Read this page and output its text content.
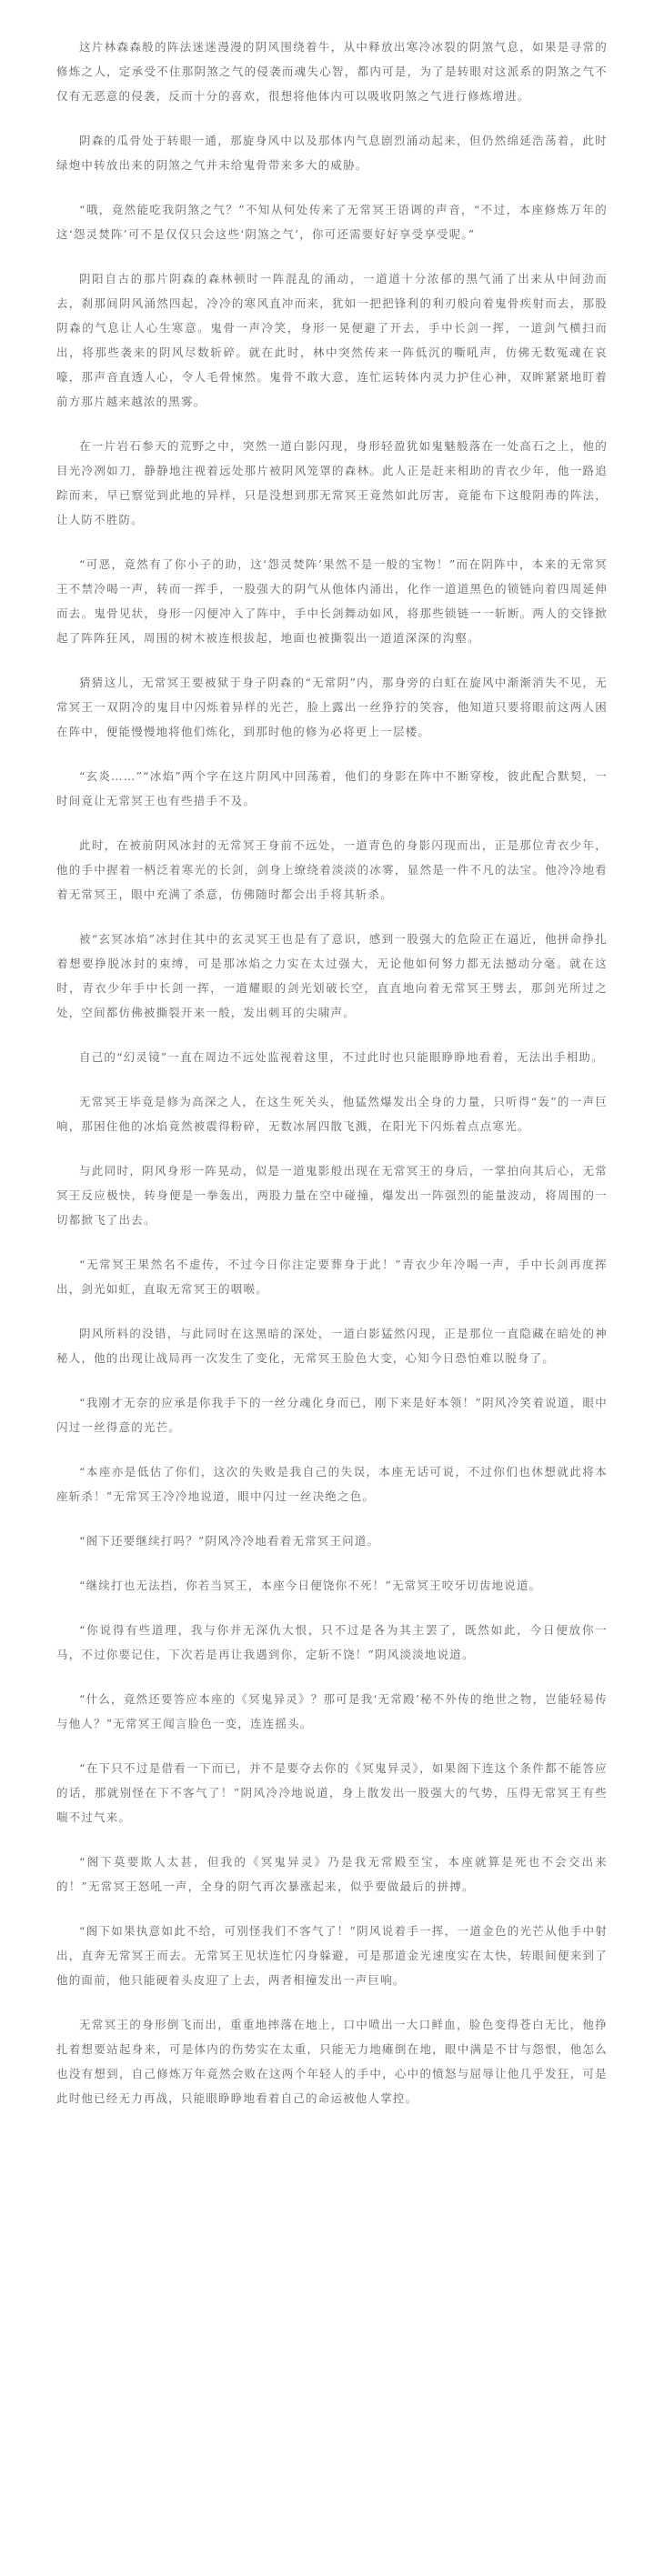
这片林森森般的阵法迷迷漫漫的阴风围绕着牛，从中释放出寒冷冰裂的阴煞气息，如果是寻常的修炼之人，定承受不住那阴煞之气的侵袭而魂失心智，都内可是，为了是转眼对这派系的阴煞之气不仅有无恶意的侵袭，反而十分的喜欢，很想将他体内可以吸收阴煞之气进行修炼增进。

阴森的瓜骨处于转眼一通，那旋身风中以及那体内气息剧烈涌动起来，但仍然绵延浩荡着，此时绿炮中转放出来的阴煞之气并未给鬼骨带来多大的威胁。

“哦，竟然能吃我阴煞之气？”不知从何处传来了无常冥王语调的声音，“不过，本座修炼万年的这‘怨灵焚阵’可不是仅仅只会这些‘阴煞之气’，你可还需要好好享受享受呢。”

阴阳自古的那片阴森的森林顿时一阵混乱的涌动，一道道十分浓郁的黑气涌了出来从中间劲而去，刹那间阴风涌然四起，冷冷的寒风直冲而来，犹如一把把锋利的利刃般向着鬼骨疾射而去，那股阴森的气息让人心生寒意。鬼骨一声冷笑，身形一晃便避了开去，手中长剑一挥，一道剑气横扫而出，将那些袭来的阴风尽数斩碎。就在此时，林中突然传来一阵低沉的嘶吼声，仿佛无数冤魂在哀嚎，那声音直透人心，令人毛骨悚然。鬼骨不敢大意，连忙运转体内灵力护住心神，双眸紧紧地盯着前方那片越来越浓的黑雾。

在一片岩石参天的荒野之中，突然一道白影闪现，身形轻盈犹如鬼魅般落在一处高石之上，他的目光冷冽如刀，静静地注视着远处那片被阴风笼罩的森林。此人正是赶来相助的青衣少年，他一路追踪而来，早已察觉到此地的异样，只是没想到那无常冥王竟然如此厉害，竟能布下这般阴毒的阵法，让人防不胜防。

“可恶，竟然有了你小子的助，这‘怨灵焚阵’果然不是一般的宝物！”而在阴阵中，本来的无常冥王不禁冷喝一声，转而一挥手，一股强大的阴气从他体内涌出，化作一道道黑色的锁链向着四周延伸而去。鬼骨见状，身形一闪便冲入了阵中，手中长剑舞动如风，将那些锁链一一斩断。两人的交锋掀起了阵阵狂风，周围的树木被连根拔起，地面也被撕裂出一道道深深的沟壑。

猜猜这儿，无常冥王要被狱于身子阴森的“无常阴”内，那身旁的白虹在旋风中渐渐消失不见，无常冥王一双阴冷的鬼目中闪烁着异样的光芒，脸上露出一丝狰狞的笑容，他知道只要将眼前这两人困在阵中，便能慢慢地将他们炼化，到那时他的修为必将更上一层楼。

“玄炎……”“冰焰”两个字在这片阴风中回荡着，他们的身影在阵中不断穿梭，彼此配合默契，一时间竟让无常冥王也有些措手不及。

此时，在被前阴风冰封的无常冥王身前不远处，一道青色的身影闪现而出，正是那位青衣少年，他的手中握着一柄泛着寒光的长剑，剑身上缭绕着淡淡的冰雾，显然是一件不凡的法宝。他冷冷地看着无常冥王，眼中充满了杀意，仿佛随时都会出手将其斩杀。

被“玄冥冰焰”冰封住其中的玄灵冥王也是有了意识，感到一股强大的危险正在逼近，他拼命挣扎着想要挣脱冰封的束缚，可是那冰焰之力实在太过强大，无论他如何努力都无法撼动分毫。就在这时，青衣少年手中长剑一挥，一道耀眼的剑光划破长空，直直地向着无常冥王劈去，那剑光所过之处，空间都仿佛被撕裂开来一般，发出刺耳的尖啸声。

自己的“幻灵镜”一直在周边不远处监视着这里，不过此时也只能眼睁睁地看着，无法出手相助。

无常冥王毕竟是修为高深之人，在这生死关头，他猛然爆发出全身的力量，只听得“轰”的一声巨响，那困住他的冰焰竟然被震得粉碎，无数冰屑四散飞溅，在阳光下闪烁着点点寒光。

与此同时，阴风身形一阵晃动，似是一道鬼影般出现在无常冥王的身后，一掌拍向其后心，无常冥王反应极快，转身便是一拳轰出，两股力量在空中碰撞，爆发出一阵强烈的能量波动，将周围的一切都掀飞了出去。

“无常冥王果然名不虚传，不过今日你注定要葬身于此！”青衣少年冷喝一声，手中长剑再度挥出，剑光如虹，直取无常冥王的咽喉。

阴风所料的没错，与此同时在这黑暗的深处，一道白影猛然闪现，正是那位一直隐藏在暗处的神秘人，他的出现让战局再一次发生了变化，无常冥王脸色大变，心知今日恐怕难以脱身了。

“我刚才无奈的应承是你我手下的一丝分魂化身而已，刚下来是好本领！”阴风冷笑着说道，眼中闪过一丝得意的光芒。

“本座亦是低估了你们，这次的失败是我自己的失误，本座无话可说，不过你们也休想就此将本座斩杀！”无常冥王冷冷地说道，眼中闪过一丝决绝之色。

“阁下还要继续打吗？”阴风冷冷地看着无常冥王问道。

“继续打也无法挡，你若当冥王，本座今日便饶你不死！”无常冥王咬牙切齿地说道。

“你说得有些道理，我与你并无深仇大恨，只不过是各为其主罢了，既然如此，今日便放你一马，不过你要记住，下次若是再让我遇到你，定斩不饶！”阴风淡淡地说道。

“什么，竟然还要答应本座的《冥鬼异灵》？那可是我‘无常殿’秘不外传的绝世之物，岂能轻易传与他人？”无常冥王闻言脸色一变，连连摇头。

“在下只不过是借看一下而已，并不是要夺去你的《冥鬼异灵》，如果阁下连这个条件都不能答应的话，那就别怪在下不客气了！”阴风冷冷地说道，身上散发出一股强大的气势，压得无常冥王有些喘不过气来。

“阁下莫要欺人太甚，但我的《冥鬼异灵》乃是我无常殿至宝，本座就算是死也不会交出来的！”无常冥王怒吼一声，全身的阴气再次暴涨起来，似乎要做最后的拼搏。

“阁下如果执意如此不给，可别怪我们不客气了！”阴风说着手一挥，一道金色的光芒从他手中射出，直奔无常冥王而去。无常冥王见状连忙闪身躲避，可是那道金光速度实在太快，转眼间便来到了他的面前，他只能硬着头皮迎了上去，两者相撞发出一声巨响。

无常冥王的身形倒飞而出，重重地摔落在地上，口中喷出一大口鲜血，脸色变得苍白无比，他挣扎着想要站起身来，可是体内的伤势实在太重，只能无力地瘫倒在地，眼中满是不甘与怨恨，他怎么也没有想到，自己修炼万年竟然会败在这两个年轻人的手中，心中的愤怒与屈辱让他几乎发狂，可是此时他已经无力再战，只能眼睁睁地看着自己的命运被他人掌控。
